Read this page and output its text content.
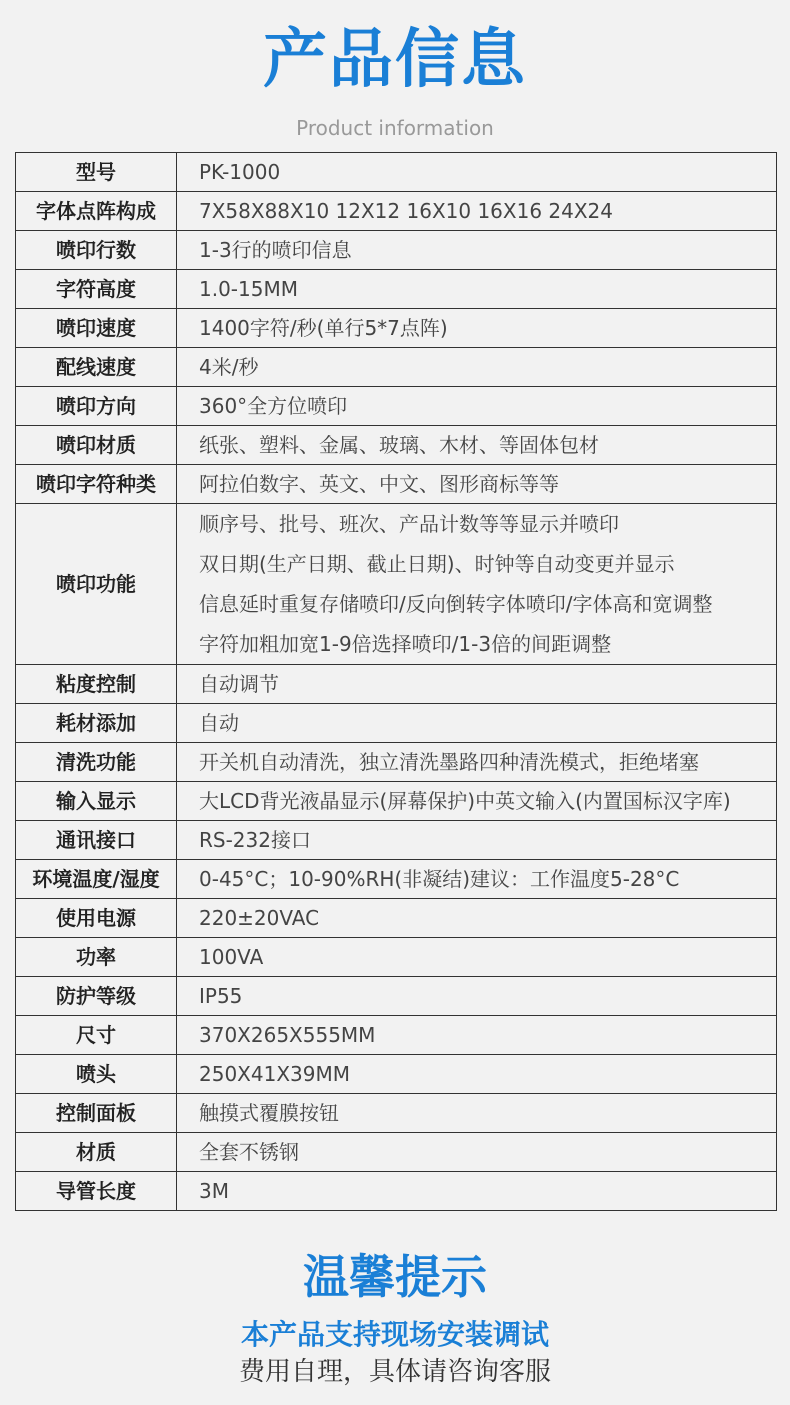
产品信息
Product information
型号	PK-1000
字体点阵构成	7X58X88X10 12X12 16X10 16X16 24X24
喷印行数	1-3行的喷印信息
字符高度	1.0-15MM
喷印速度	1400字符/秒(单行5*7点阵)
配线速度	4米/秒
喷印方向	360°全方位喷印
喷印材质	纸张、塑料、金属、玻璃、木材、等固体包材
喷印字符种类	阿拉伯数字、英文、中文、图形商标等等
喷印功能	顺序号、批号、班次、产品计数等等显示并喷印
双日期(生产日期、截止日期)、时钟等自动变更并显示
信息延时重复存储喷印/反向倒转字体喷印/字体高和宽调整
字符加粗加宽1-9倍选择喷印/1-3倍的间距调整

粘度控制	自动调节
耗材添加	自动
清洗功能	开关机自动清洗，独立清洗墨路四种清洗模式，拒绝堵塞
输入显示	大LCD背光液晶显示(屏幕保护)中英文输入(内置国标汉字库)
通讯接口	RS-232接口
环境温度/湿度	0-45°C；10-90%RH(非凝结)建议：工作温度5-28°C
使用电源	220±20VAC
功率	100VA
防护等级	IP55
尺寸	370X265X555MM
喷头	250X41X39MM
控制面板	触摸式覆膜按钮
材质	全套不锈钢
导管长度	3M
温馨提示
本产品支持现场安装调试
费用自理，具体请咨询客服
